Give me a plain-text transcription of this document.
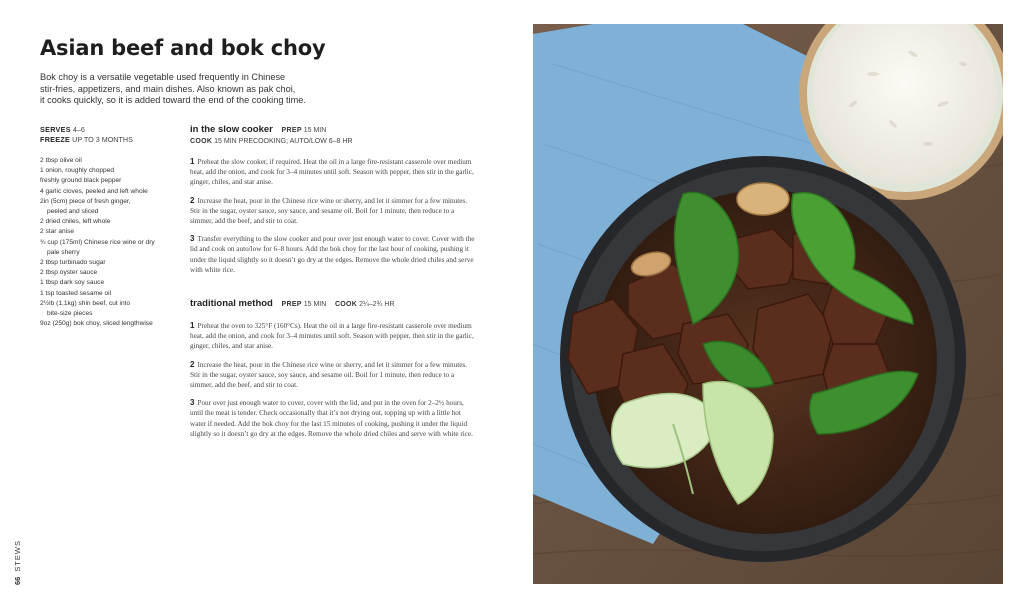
Asian beef and bok choy

Bok choy is a versatile vegetable used frequently in Chinese
stir-fries, appetizers, and main dishes. Also known as pak choi,
it cooks quickly, so it is added toward the end of the cooking time.

SERVES 4–6
FREEZE UP TO 3 MONTHS
2 tbsp olive oil
1 onion, roughly chopped
freshly ground black pepper
4 garlic cloves, peeled and left whole
2in (5cm) piece of fresh ginger,
peeled and sliced
2 dried chiles, left whole
2 star anise
¾ cup (175ml) Chinese rice wine or dry
pale sherry
2 tbsp turbinado sugar
2 tbsp oyster sauce
1 tbsp dark soy sauce
1 tsp toasted sesame oil
2½lb (1.1kg) shin beef, cut into
bite-size pieces
9oz (250g) bok choy, sliced lengthwise
in the slow cooker PREP 15 MIN
COOK 15 MIN PRECOOKING; AUTO/LOW 6–8 HR

1 Preheat the slow cooker, if required. Heat the oil in a large fire-resistant casserole over medium heat, add the onion, and cook for 3–4 minutes until soft. Season with pepper, then stir in the garlic, ginger, chiles, and star anise.

2 Increase the heat, pour in the Chinese rice wine or sherry, and let it simmer for a few minutes. Stir in the sugar, oyster sauce, soy sauce, and sesame oil. Boil for 1 minute, then reduce to a simmer, add the beef, and stir to coat.

3 Transfer everything to the slow cooker and pour over just enough water to cover. Cover with the lid and cook on auto/low for 6–8 hours. Add the bok choy for the last hour of cooking, pushing it under the liquid slightly so it doesn’t go dry at the edges. Remove the whole dried chiles and serve with white rice.

traditional method PREP 15 MIN COOK 2¼–2¾ HR

1 Preheat the oven to 325°F (160°Cs). Heat the oil in a large fire-resistant casserole over medium heat, add the onion, and cook for 3–4 minutes until soft. Season with pepper, then stir in the garlic, ginger, chiles, and star anise.

2 Increase the heat, pour in the Chinese rice wine or sherry, and let it simmer for a few minutes. Stir in the sugar, oyster sauce, soy sauce, and sesame oil. Boil for 1 minute, then reduce to a simmer, add the beef, and stir to coat.

3 Pour over just enough water to cover, cover with the lid, and put in the oven for 2–2½ hours, until the meat is tender. Check occasionally that it’s not drying out, topping up with a little hot water if needed. Add the bok choy for the last 15 minutes of cooking, pushing it under the liquid slightly so it doesn’t go dry at the edges. Remove the whole dried chiles and serve with white rice.

66STEWS
